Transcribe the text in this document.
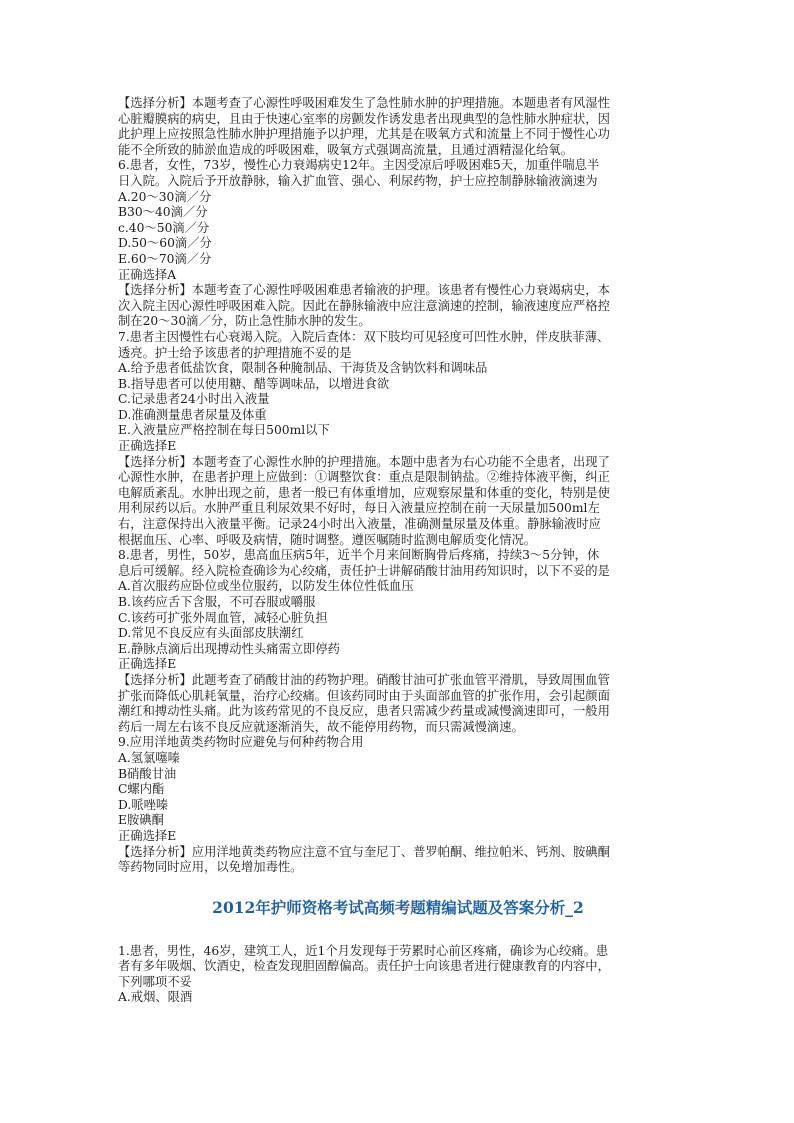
【选择分析】本题考查了心源性呼吸困难发生了急性肺水肿的护理措施。本题患者有风湿性
心脏瓣膜病的病史，且由于快速心室率的房颤发作诱发患者出现典型的急性肺水肿症状，因
此护理上应按照急性肺水肿护理措施予以护理，尤其是在吸氧方式和流量上不同于慢性心功
能不全所致的肺淤血造成的呼吸困难，吸氧方式强调高流量，且通过酒精湿化给氧。
6.患者，女性，73岁，慢性心力衰竭病史12年。主因受凉后呼吸困难5天，加重伴喘息半
日入院。入院后予开放静脉，输入扩血管、强心、利尿药物，护士应控制静脉输液滴速为
A.20～30滴／分
B30～40滴／分
c.40～50滴／分
D.50～60滴／分
E.60～70滴／分
正确选择A
【选择分析】本题考查了心源性呼吸困难患者输液的护理。该患者有慢性心力衰竭病史，本
次入院主因心源性呼吸困难入院。因此在静脉输液中应注意滴速的控制，输液速度应严格控
制在20～30滴／分，防止急性肺水肿的发生。
7.患者主因慢性右心衰竭入院。入院后查体：双下肢均可见轻度可凹性水肿，伴皮肤菲薄、
透亮。护士给予该患者的护理措施不妥的是
A.给予患者低盐饮食，限制各种腌制品、干海货及含钠饮料和调味品
B.指导患者可以使用糖、醋等调味品，以增进食欲
C.记录患者24小时出入液量
D.准确测量患者尿量及体重
E.入液量应严格控制在每日500ml以下
正确选择E
【选择分析】本题考查了心源性水肿的护理措施。本题中患者为右心功能不全患者，出现了
心源性水肿，在患者护理上应做到：①调整饮食：重点是限制钠盐。②维持体液平衡，纠正
电解质紊乱。水肿出现之前，患者一般已有体重增加，应观察尿量和体重的变化，特别是使
用利尿药以后。水肿严重且利尿效果不好时，每日入液量应控制在前一天尿量加500ml左
右，注意保持出入液量平衡。记录24小时出入液量，准确测量尿量及体重。静脉输液时应
根据血压、心率、呼吸及病情，随时调整。遵医嘱随时监测电解质变化情况。
8.患者，男性，50岁，患高血压病5年，近半个月来间断胸骨后疼痛，持续3～5分钟，休
息后可缓解。经入院检查确诊为心绞痛，责任护士讲解硝酸甘油用药知识时，以下不妥的是
A.首次服药应卧位或坐位服药，以防发生体位性低血压
B.该药应舌下含服，不可吞服或嚼服
C.该药可扩张外周血管，减轻心脏负担
D.常见不良反应有头面部皮肤潮红
E.静脉点滴后出现搏动性头痛需立即停药
正确选择E
【选择分析】此题考查了硝酸甘油的药物护理。硝酸甘油可扩张血管平滑肌，导致周围血管
扩张而降低心肌耗氧量，治疗心绞痛。但该药同时由于头面部血管的扩张作用，会引起颜面
潮红和搏动性头痛。此为该药常见的不良反应，患者只需减少药量或减慢滴速即可，一般用
药后一周左右该不良反应就逐渐消失，故不能停用药物，而只需减慢滴速。
9.应用洋地黄类药物时应避免与何种药物合用
A.氢氯噻嗪
B硝酸甘油
C螺内酯
D.哌唑嗪
E胺碘酮
正确选择E
【选择分析】应用洋地黄类药物应注意不宜与奎尼丁、普罗帕酮、维拉帕米、钙剂、胺碘酮
等药物同时应用，以免增加毒性。
2012年护师资格考试高频考题精编试题及答案分析_2
1.患者，男性，46岁，建筑工人，近1个月发现每于劳累时心前区疼痛，确诊为心绞痛。患
者有多年吸烟、饮酒史，检查发现胆固醇偏高。责任护士向该患者进行健康教育的内容中，
下列哪项不妥
A.戒烟、限酒
